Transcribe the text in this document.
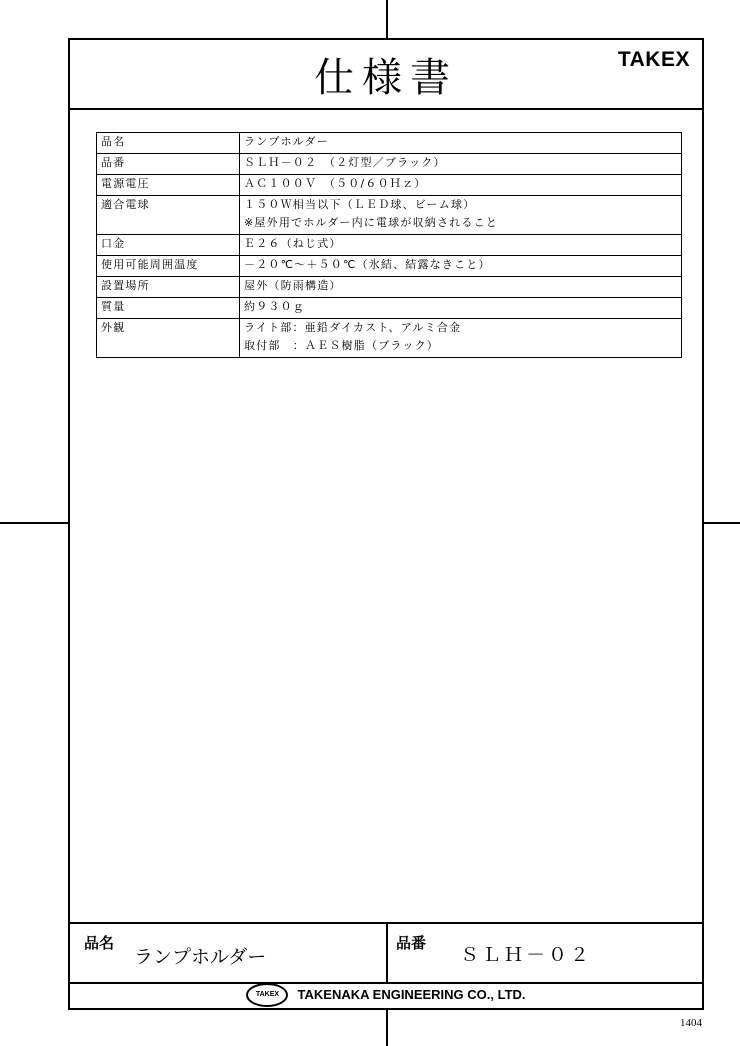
仕様書	TAKEX
品名	ランプホルダー

品番	ＳＬＨ－０２　（２灯型／ブラック）

電源電圧	ＡＣ１００Ｖ　（５０/６０Ｈｚ）

適合電球	１５０Ｗ相当以下（ＬＥＤ球、ビーム球）
※屋外用でホルダー内に電球が収納されること

口金	Ｅ２６（ねじ式）

使用可能周囲温度	－２０℃～＋５０℃（氷結、結露なきこと）

設置場所	屋外（防雨構造）

質量	約９３０ｇ

外観	ライト部：亜鉛ダイカスト、アルミ合金
取付部　：ＡＥＳ樹脂（ブラック）
品名
ランプホルダー
品番
ＳＬＨ－０２
TAKEX TAKENAKA ENGINEERING CO., LTD.
1404
